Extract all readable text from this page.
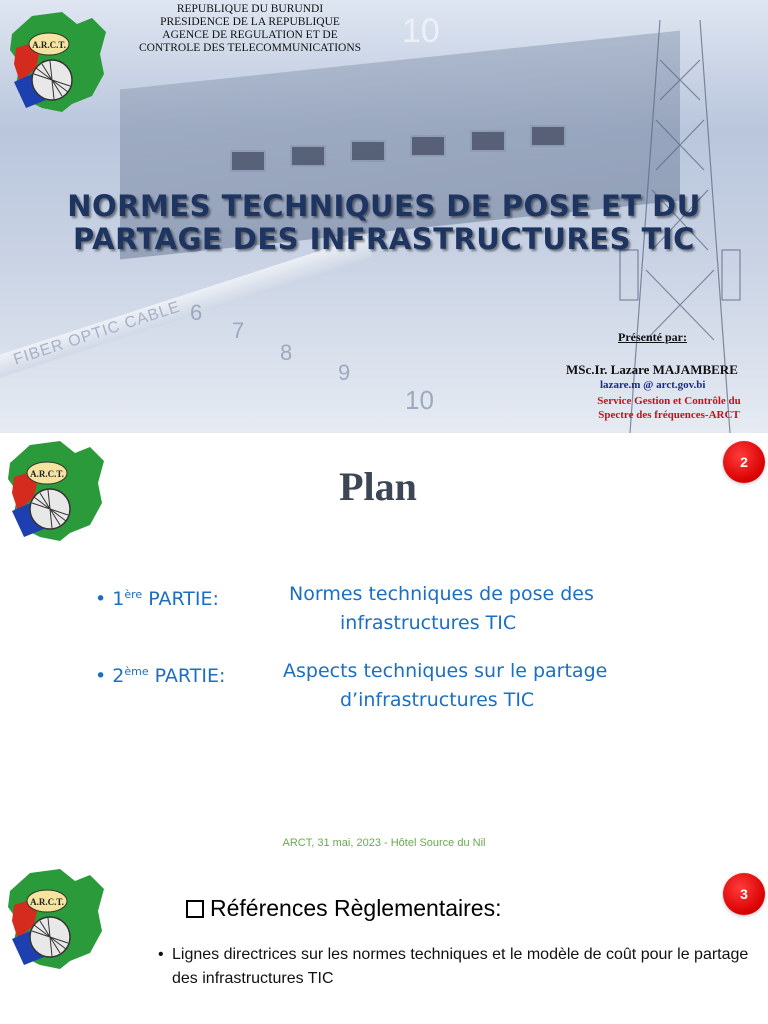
FIBER OPTIC CABLE
10
6
7
8
9
10
A.R.C.T.
REPUBLIQUE DU BURUNDI
PRESIDENCE DE LA REPUBLIQUE
AGENCE DE REGULATION ET DE
CONTROLE DES TELECOMMUNICATIONS
NORMES TECHNIQUES DE POSE ET DU
PARTAGE DES INFRASTRUCTURES TIC
Présenté par:
MSc.Ir. Lazare MAJAMBERE
lazare.m @ arct.gov.bi
Service Gestion et Contrôle du
Spectre des fréquences-ARCT
A.R.C.T.
2
Plan
• 1ère PARTIE:	Normes techniques de pose des
infrastructures TIC
• 2ème PARTIE:	Aspects techniques sur le partage
d’infrastructures TIC
ARCT, 31 mai, 2023 - Hôtel Source du Nil
A.R.C.T.	3
Références Règlementaires:
• Lignes directrices sur les normes techniques et le modèle de coût pour le partage des infrastructures TIC
